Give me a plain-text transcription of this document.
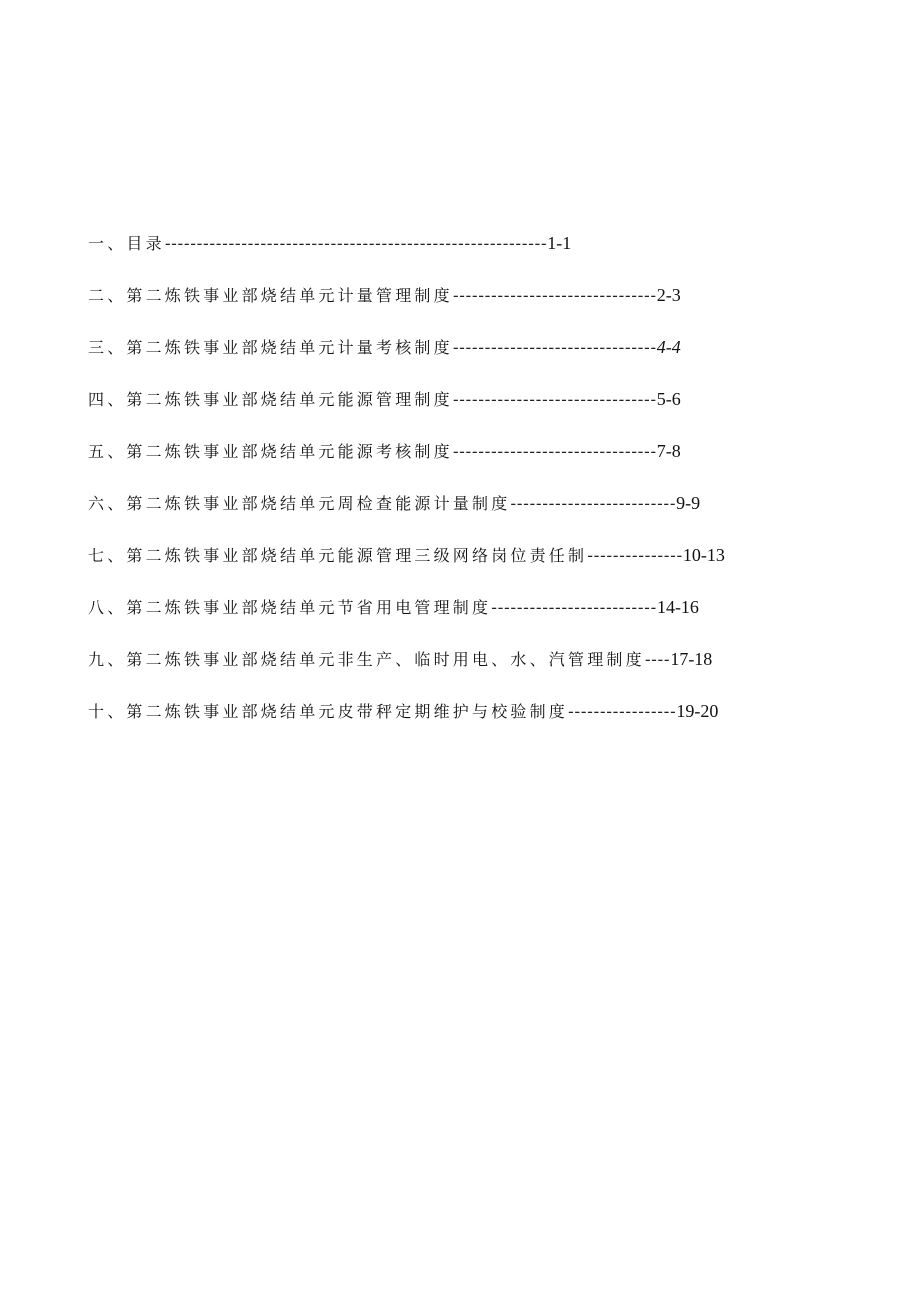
一、目录------------------------------------------------------------1-1
二、第二炼铁事业部烧结单元计量管理制度--------------------------------2-3
三、第二炼铁事业部烧结单元计量考核制度--------------------------------4-4
四、第二炼铁事业部烧结单元能源管理制度--------------------------------5-6
五、第二炼铁事业部烧结单元能源考核制度--------------------------------7-8
六、第二炼铁事业部烧结单元周检查能源计量制度--------------------------9-9
七、第二炼铁事业部烧结单元能源管理三级网络岗位责任制---------------10-13
八、第二炼铁事业部烧结单元节省用电管理制度--------------------------14-16
九、第二炼铁事业部烧结单元非生产、临时用电、水、汽管理制度----17-18
十、第二炼铁事业部烧结单元皮带秤定期维护与校验制度-----------------19-20
